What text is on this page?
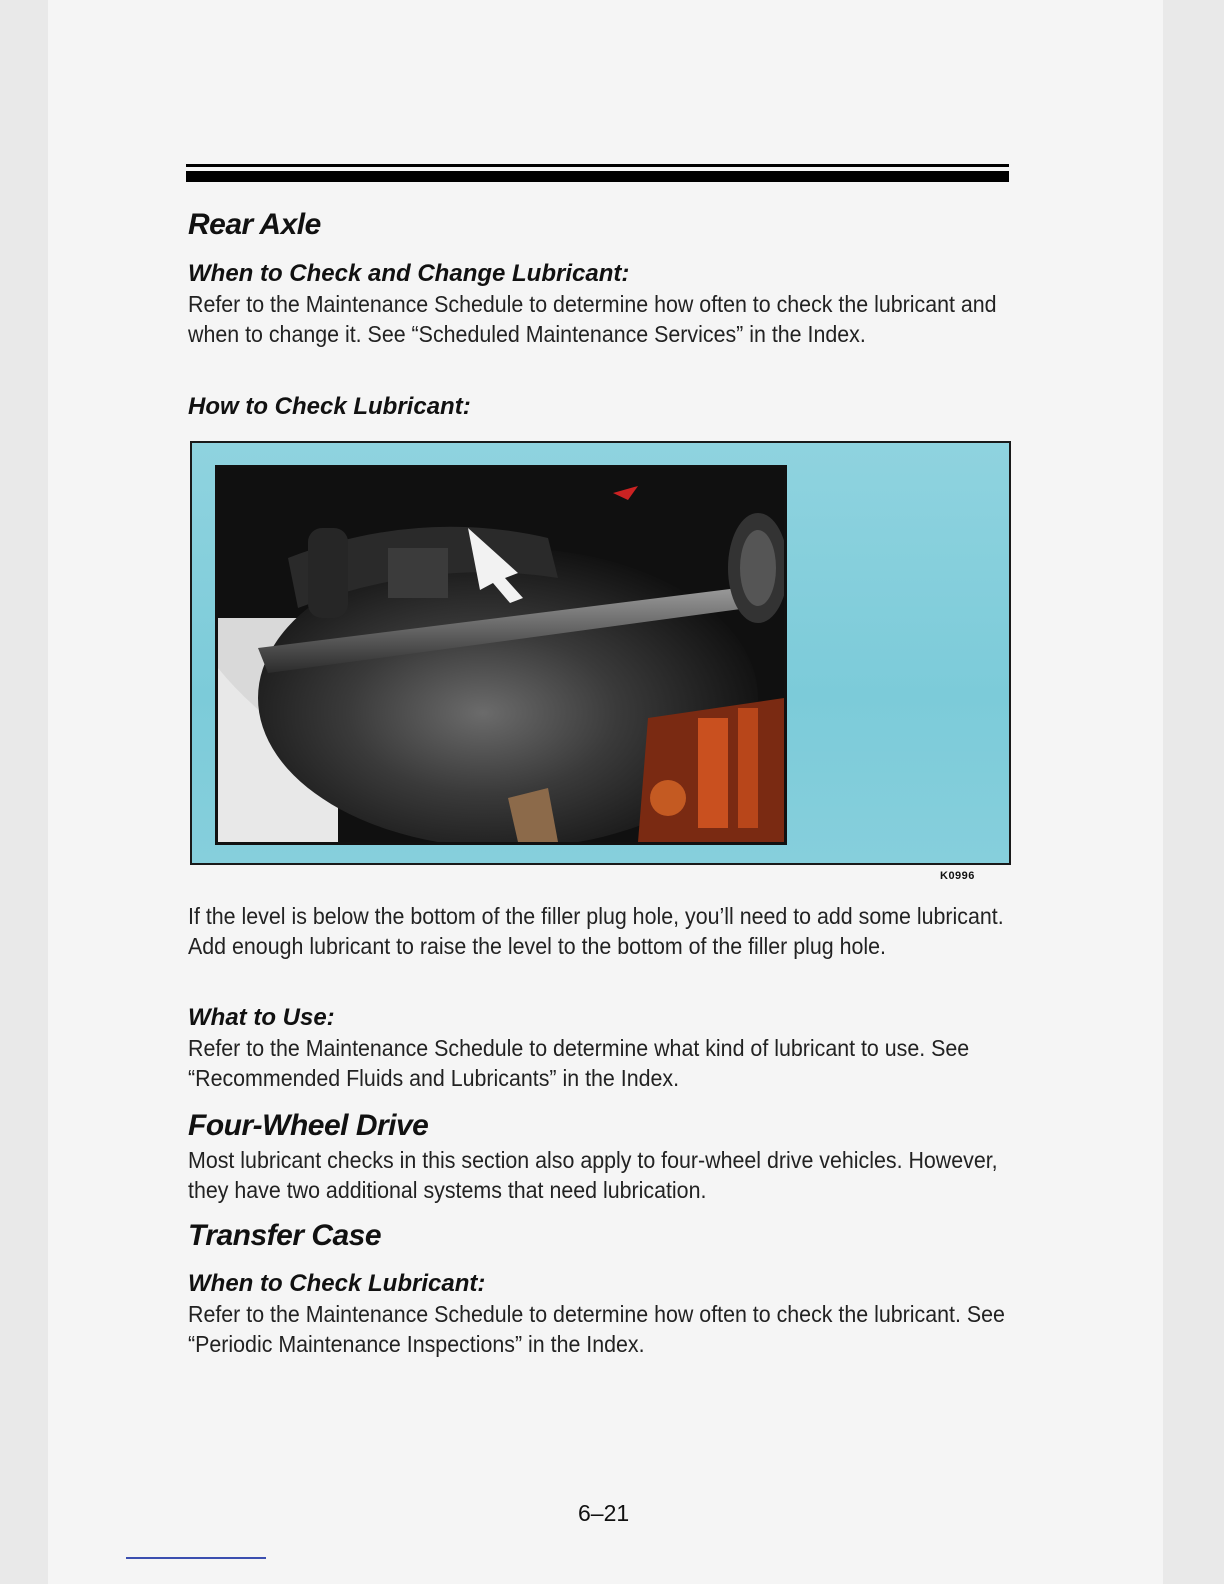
Rear Axle
When to Check and Change Lubricant:

Refer to the Maintenance Schedule to determine how often to check the lubricant and when to change it. See “Scheduled Maintenance Services” in the Index.

How to Check Lubricant:
K0996

If the level is below the bottom of the filler plug hole, you’ll need to add some lubricant. Add enough lubricant to raise the level to the bottom of the filler plug hole.

What to Use:

Refer to the Maintenance Schedule to determine what kind of lubricant to use. See “Recommended Fluids and Lubricants” in the Index.

Four-Wheel Drive

Most lubricant checks in this section also apply to four-wheel drive vehicles. However, they have two additional systems that need lubrication.

Transfer Case
When to Check Lubricant:

Refer to the Maintenance Schedule to determine how often to check the lubricant. See “Periodic Maintenance Inspections” in the Index.

6–21
